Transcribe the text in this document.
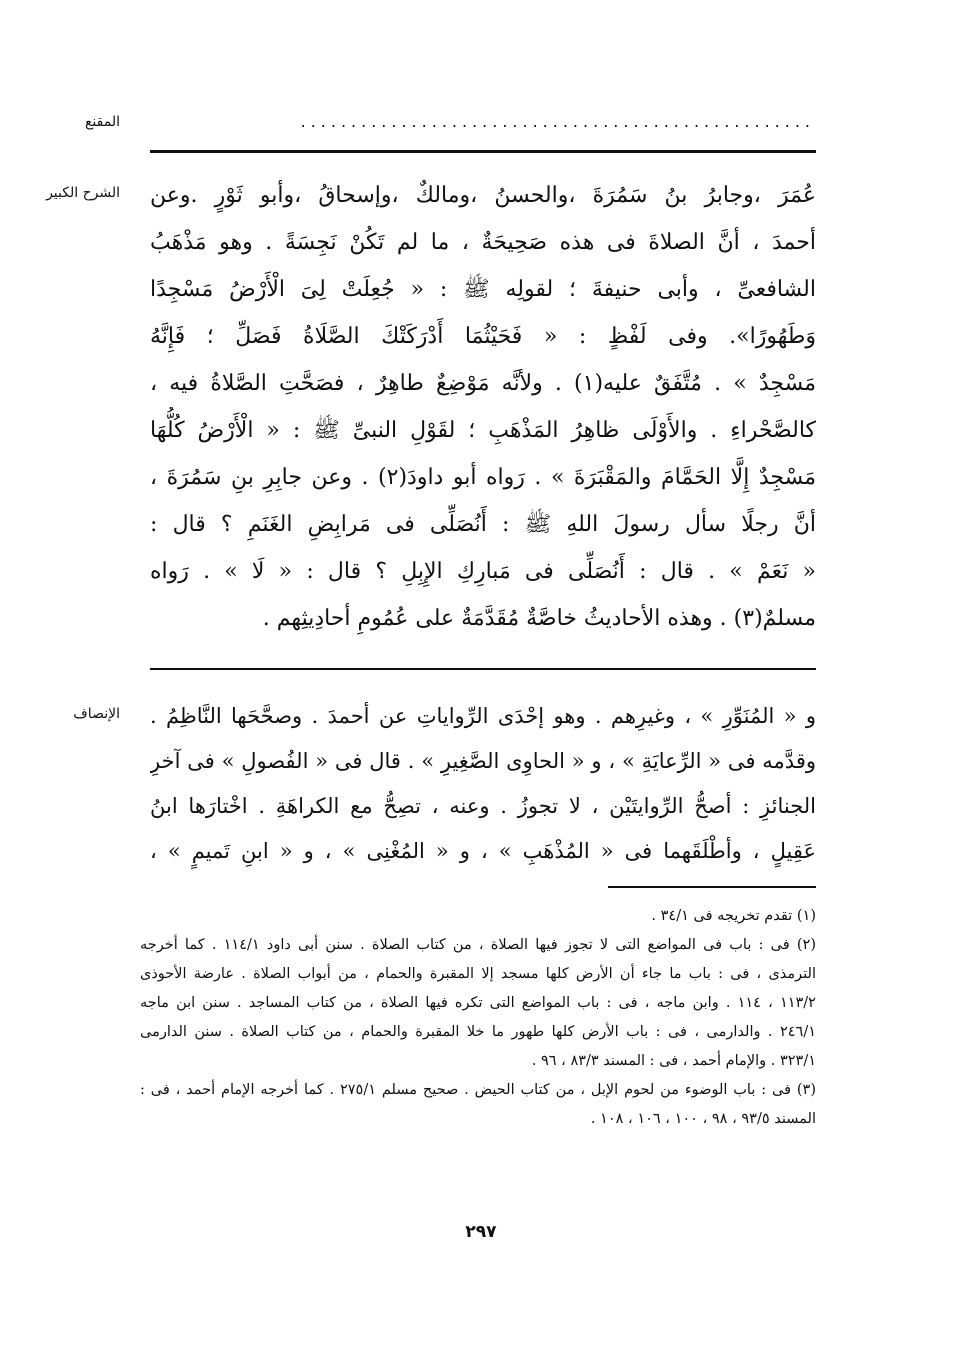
المقنع	...................................................
الشرح الكبير عُمَرَ ،وجابرُ بنُ سَمُرَةَ ،والحسنُ ،ومالكٌ ،وإسحاقُ ،وأبو ثَوْرٍ .وعن
أحمدَ ، أنَّ الصلاةَ فى هذه صَحِيحَةٌ ، ما لم تَكُنْ نَجِسَةً . وهو مَذْهَبُ
الشافعىِّ ، وأبى حنيفةَ ؛ لقولِه ﷺ : « جُعِلَتْ لِىَ الْأَرْضُ مَسْجِدًا
وَطَهُورًا». وفى لَفْظٍ : « فَحَيْثُمَا أَدْرَكَتْكَ الصَّلَاةُ فَصَلِّ ؛ فَإِنَّهُ
مَسْجِدٌ » . مُتَّفَقٌ عليه(١) . ولأنَّه مَوْضِعٌ طاهِرٌ ، فصَحَّتِ الصَّلاةُ فيه ،
كالصَّحْراءِ . والأَوْلَى ظاهِرُ المَذْهَبِ ؛ لقَوْلِ النبىِّ ﷺ : « الْأَرْضُ كُلُّهَا
مَسْجِدٌ إِلَّا الحَمَّامَ والمَقْبَرَةَ » . رَواه أبو داودَ(٢) . وعن جابِرِ بنِ سَمُرَةَ ،
أنَّ رجلًا سأل رسولَ اللهِ ﷺ : أَنُصَلِّى فى مَرابِضِ الغَنَمِ ؟ قال :
« نَعَمْ » . قال : أَنُصَلِّى فى مَبارِكِ الإِبِلِ ؟ قال : « لَا » . رَواه
مسلمٌ(٣) . وهذه الأحاديثُ خاصَّةٌ مُقَدَّمَةٌ على عُمُومِ أحادِيثِهم .
الإنصاف و « المُنَوِّرِ » ، وغيرِهم . وهو إحْدَى الرِّواياتِ عن أحمدَ . وصحَّحَها النَّاظِمُ .
وقدَّمه فى « الرِّعايَةِ » ، و « الحاوِى الصَّغِيرِ » . قال فى « الفُصولِ » فى آخرِ
الجنائزِ : أصحُّ الرِّوايتَيْن ، لا تجوزُ . وعنه ، تصِحُّ مع الكراهَةِ . اخْتارَها ابنُ
عَقِيلٍ ، وأطْلَقَهما فى « المُذْهَبِ » ، و « المُغْنِى » ، و « ابنِ تَميمٍ » ،
(١) تقدم تخريجه فى ٣٤/١ .
(٢) فى : باب فى المواضع التى لا تجوز فيها الصلاة ، من كتاب الصلاة . سنن أبى داود ١١٤/١ . كما أخرجه
الترمذى ، فى : باب ما جاء أن الأرض كلها مسجد إلا المقبرة والحمام ، من أبواب الصلاة . عارضة الأحوذى
١١٣/٢ ، ١١٤ . وابن ماجه ، فى : باب المواضع التى تكره فيها الصلاة ، من كتاب المساجد . سنن ابن ماجه
٢٤٦/١ . والدارمى ، فى : باب الأرض كلها طهور ما خلا المقبرة والحمام ، من كتاب الصلاة . سنن الدارمى
٣٢٣/١ . والإمام أحمد ، فى : المسند ٨٣/٣ ، ٩٦ .
(٣) فى : باب الوضوء من لحوم الإبل ، من كتاب الحيض . صحيح مسلم ٢٧٥/١ . كما أخرجه الإمام أحمد ، فى :
المسند ٩٣/٥ ، ٩٨ ، ١٠٠ ، ١٠٦ ، ١٠٨ .
٢٩٧
